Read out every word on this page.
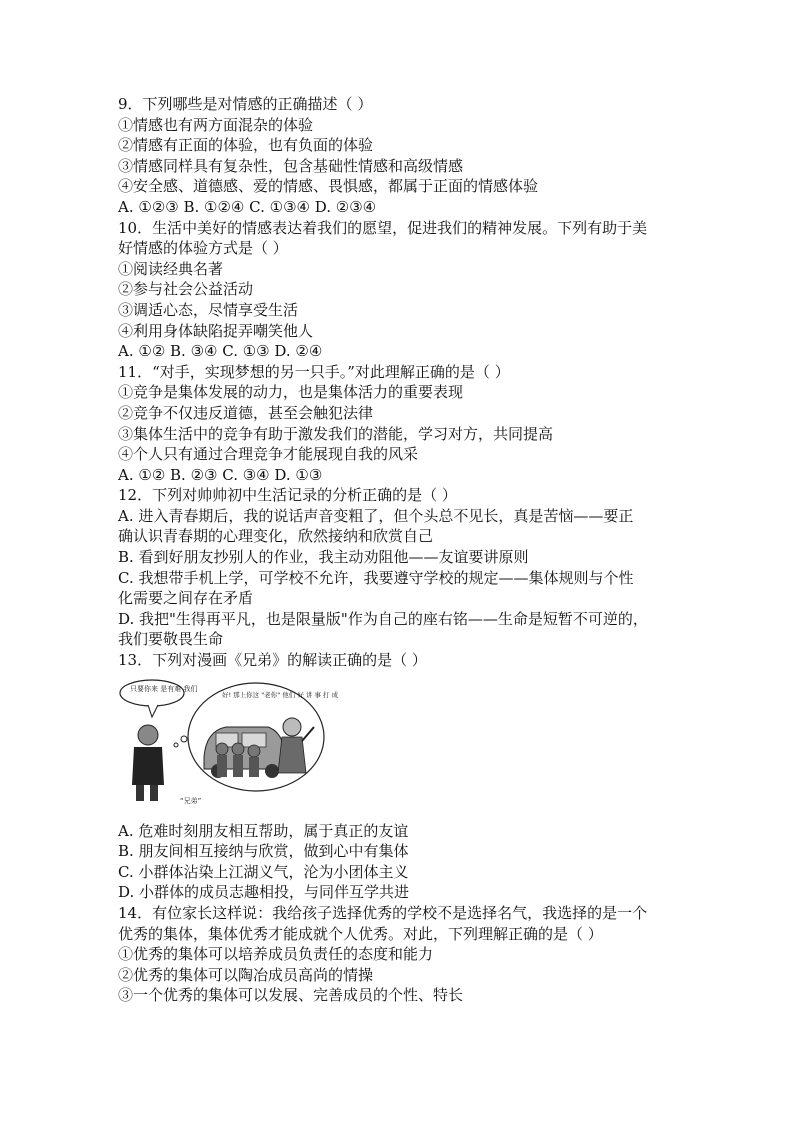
9．下列哪些是对情感的正确描述（ ）
①情感也有两方面混杂的体验
②情感有正面的体验，也有负面的体验
③情感同样具有复杂性，包含基础性情感和高级情感
④安全感、道德感、爱的情感、畏惧感，都属于正面的情感体验
A. ①②③ B. ①②④ C. ①③④ D. ②③④
10．生活中美好的情感表达着我们的愿望，促进我们的精神发展。下列有助于美
好情感的体验方式是（ ）
①阅读经典名著
②参与社会公益活动
③调适心态，尽情享受生活
④利用身体缺陷捉弄嘲笑他人
A. ①② B. ③④ C. ①③ D. ②④
11．“对手，实现梦想的另一只手。”对此理解正确的是（ ）
①竞争是集体发展的动力，也是集体活力的重要表现
②竞争不仅违反道德，甚至会触犯法律
③集体生活中的竞争有助于激发我们的潜能，学习对方，共同提高
④个人只有通过合理竞争才能展现自我的风采
A. ①② B. ②③ C. ③④ D. ①③
12．下列对帅帅初中生活记录的分析正确的是（ ）
A. 进入青春期后，我的说话声音变粗了，但个头总不见长，真是苦恼——要正
确认识青春期的心理变化，欣然接纳和欣赏自己
B. 看到好朋友抄别人的作业，我主动劝阻他——友谊要讲原则
C. 我想带手机上学，可学校不允许，我要遵守学校的规定——集体规则与个性
化需要之间存在矛盾
D. 我把"生得再平凡，也是限量版"作为自己的座右铭——生命是短暂不可逆的，
我们要敬畏生命
13．下列对漫画《兄弟》的解读正确的是（ ）
只要你来 是有难 我们
好! 那上你这 "老你" 他们 好 讲 事 打 成
“兄弟”
A. 危难时刻朋友相互帮助，属于真正的友谊
B. 朋友间相互接纳与欣赏，做到心中有集体
C. 小群体沾染上江湖义气，沦为小团体主义
D. 小群体的成员志趣相投，与同伴互学共进
14．有位家长这样说：我给孩子选择优秀的学校不是选择名气，我选择的是一个
优秀的集体，集体优秀才能成就个人优秀。对此，下列理解正确的是（ ）
①优秀的集体可以培养成员负责任的态度和能力
②优秀的集体可以陶冶成员高尚的情操
③一个优秀的集体可以发展、完善成员的个性、特长
